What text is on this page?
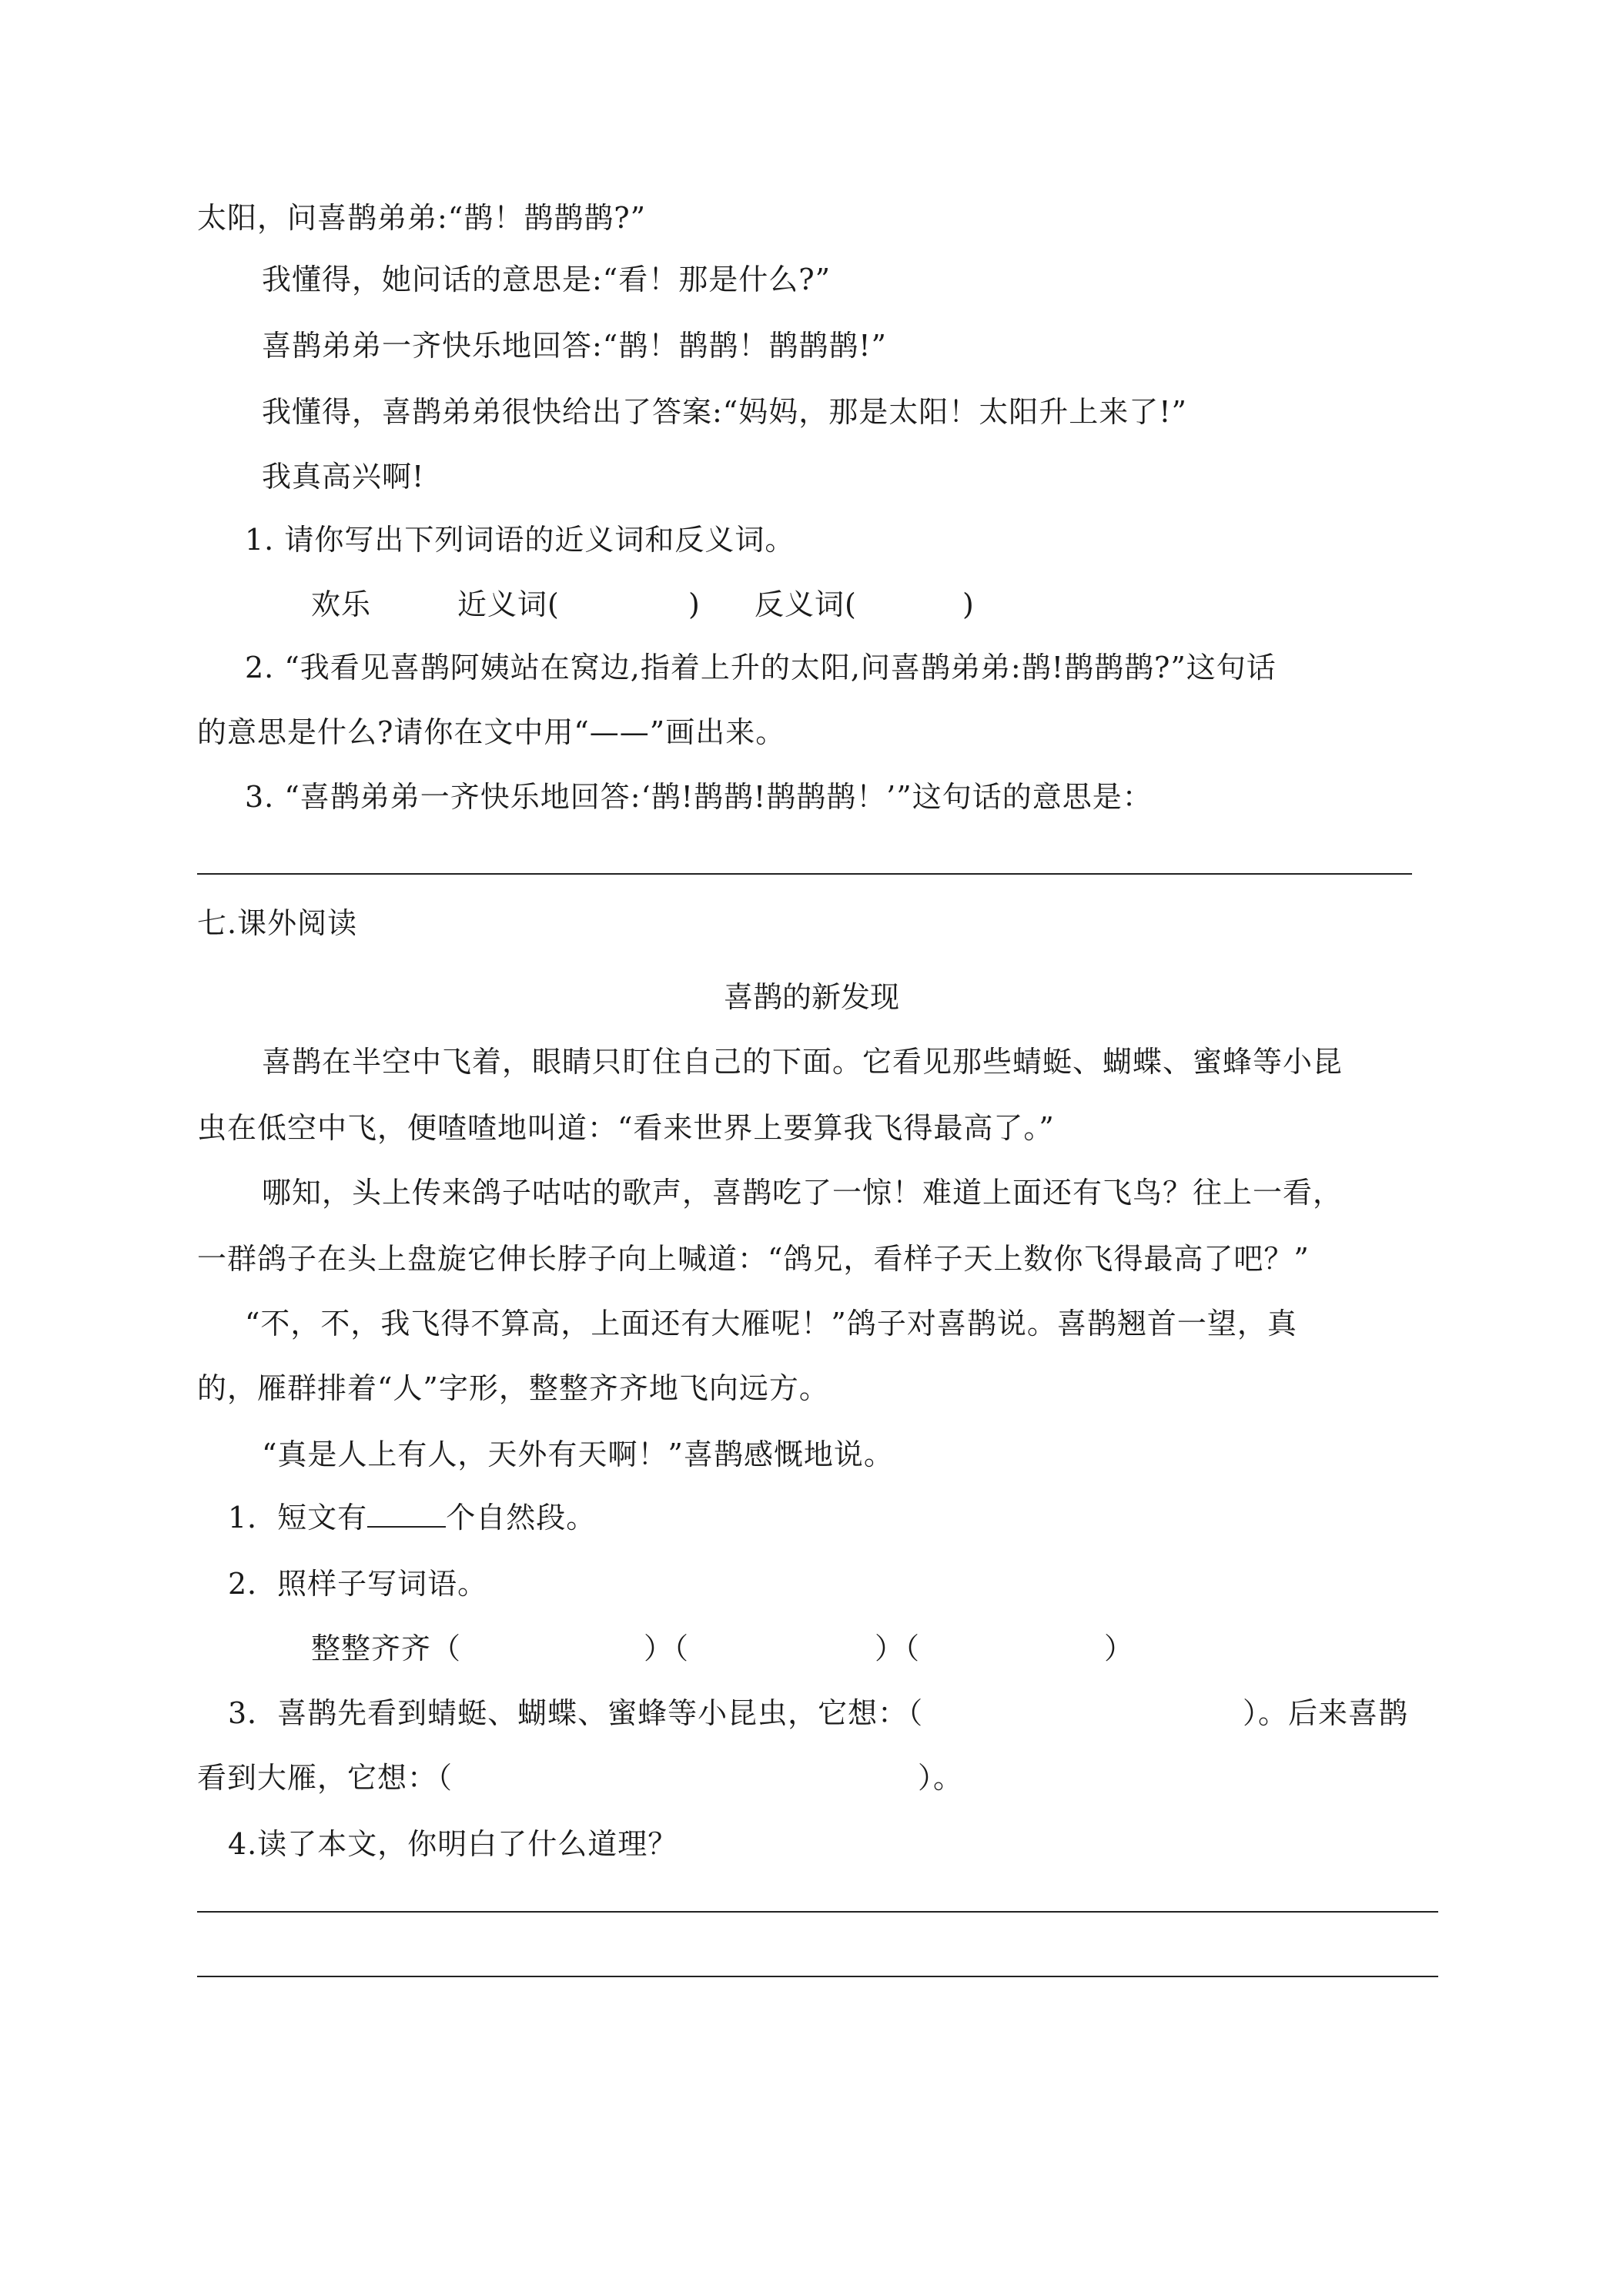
太阳，问喜鹊弟弟:“鹊！鹊鹊鹊?”
我懂得，她问话的意思是:“看！那是什么?”
喜鹊弟弟一齐快乐地回答:“鹊！鹊鹊！鹊鹊鹊!”
我懂得，喜鹊弟弟很快给出了答案:“妈妈，那是太阳！太阳升上来了!”
我真高兴啊!
1. 请你写出下列词语的近义词和反义词。
欢乐	近义词(	) 反义词(	)
2. “我看见喜鹊阿姨站在窝边,指着上升的太阳,问喜鹊弟弟:鹊!鹊鹊鹊?”这句话
的意思是什么?请你在文中用“——”画出来。
3. “喜鹊弟弟一齐快乐地回答:‘鹊!鹊鹊!鹊鹊鹊！’”这句话的意思是：
七.课外阅读
喜鹊的新发现
喜鹊在半空中飞着，眼睛只盯住自己的下面。它看见那些蜻蜓、蝴蝶、蜜蜂等小昆
虫在低空中飞，便喳喳地叫道：“看来世界上要算我飞得最高了。”
哪知，头上传来鸽子咕咕的歌声，喜鹊吃了一惊！难道上面还有飞鸟？往上一看，
一群鸽子在头上盘旋它伸长脖子向上喊道：“鸽兄，看样子天上数你飞得最高了吧？”
“不，不，我飞得不算高，上面还有大雁呢！”鸽子对喜鹊说。喜鹊翘首一望，真
的，雁群排着“人”字形，整整齐齐地飞向远方。
“真是人上有人，天外有天啊！”喜鹊感慨地说。
1．短文有	个自然段。
2．照样子写词语。
整整齐齐（	）（	）（	）
3．喜鹊先看到蜻蜓、蝴蝶、蜜蜂等小昆虫，它想：（	）。后来喜鹊
看到大雁，它想：（	）。
4.读了本文，你明白了什么道理？
